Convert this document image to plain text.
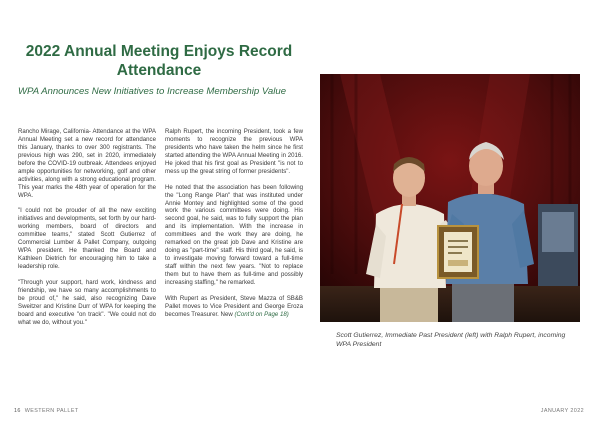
2022 Annual Meeting Enjoys Record
Attendance
WPA Announces New Initiatives to Increase Membership Value

Rancho Mirage, California- Attendance at the WPA Annual Meeting set a new record for attendance this January, thanks to over 300 registrants. The previous high was 290, set in 2020, immediately before the COVID-19 outbreak. Attendees enjoyed ample opportunities for networking, golf and other activities, along with a strong educational program. This year marks the 48th year of operation for the WPA.

"I could not be prouder of all the new exciting initiatives and developments, set forth by our hard-working members, board of directors and committee teams," stated Scott Gutierrez of Commercial Lumber & Pallet Company, outgoing WPA president. He thanked the Board and Kathleen Dietrich for encouraging him to take a leadership role.

"Through your support, hard work, kindness and friendship, we have so many accomplishments to be proud of," he said, also recognizing Dave Sweitzer and Kristine Durr of WPA for keeping the board and executive "on track". "We could not do what we do, without you."

Ralph Rupert, the incoming President, took a few moments to recognize the previous WPA presidents who have taken the helm since he first started attending the WPA Annual Meeting in 2016. He joked that his first goal as President "is not to mess up the great string of former presidents".

He noted that the association has been following the "Long Range Plan" that was instituted under Annie Montey and highlighted some of the good work the various committees were doing. His second goal, he said, was to fully support the plan and its implementation. With the increase in committees and the work they are doing, he remarked on the great job Dave and Kristine are doing as "part-time" staff. His third goal, he said, is to investigate moving forward toward a full-time staff within the next few years. "Not to replace them but to have them as full-time and possibly increasing staffing," he remarked.

With Rupert as President, Steve Mazza of SB&B Pallet moves to Vice President and George Eroza becomes Treasurer. New (Cont'd on Page 18)

Scott Gutierrez, Immediate Past President (left) with Ralph Rupert, incoming WPA President
16 WESTERN PALLET	JANUARY 2022
